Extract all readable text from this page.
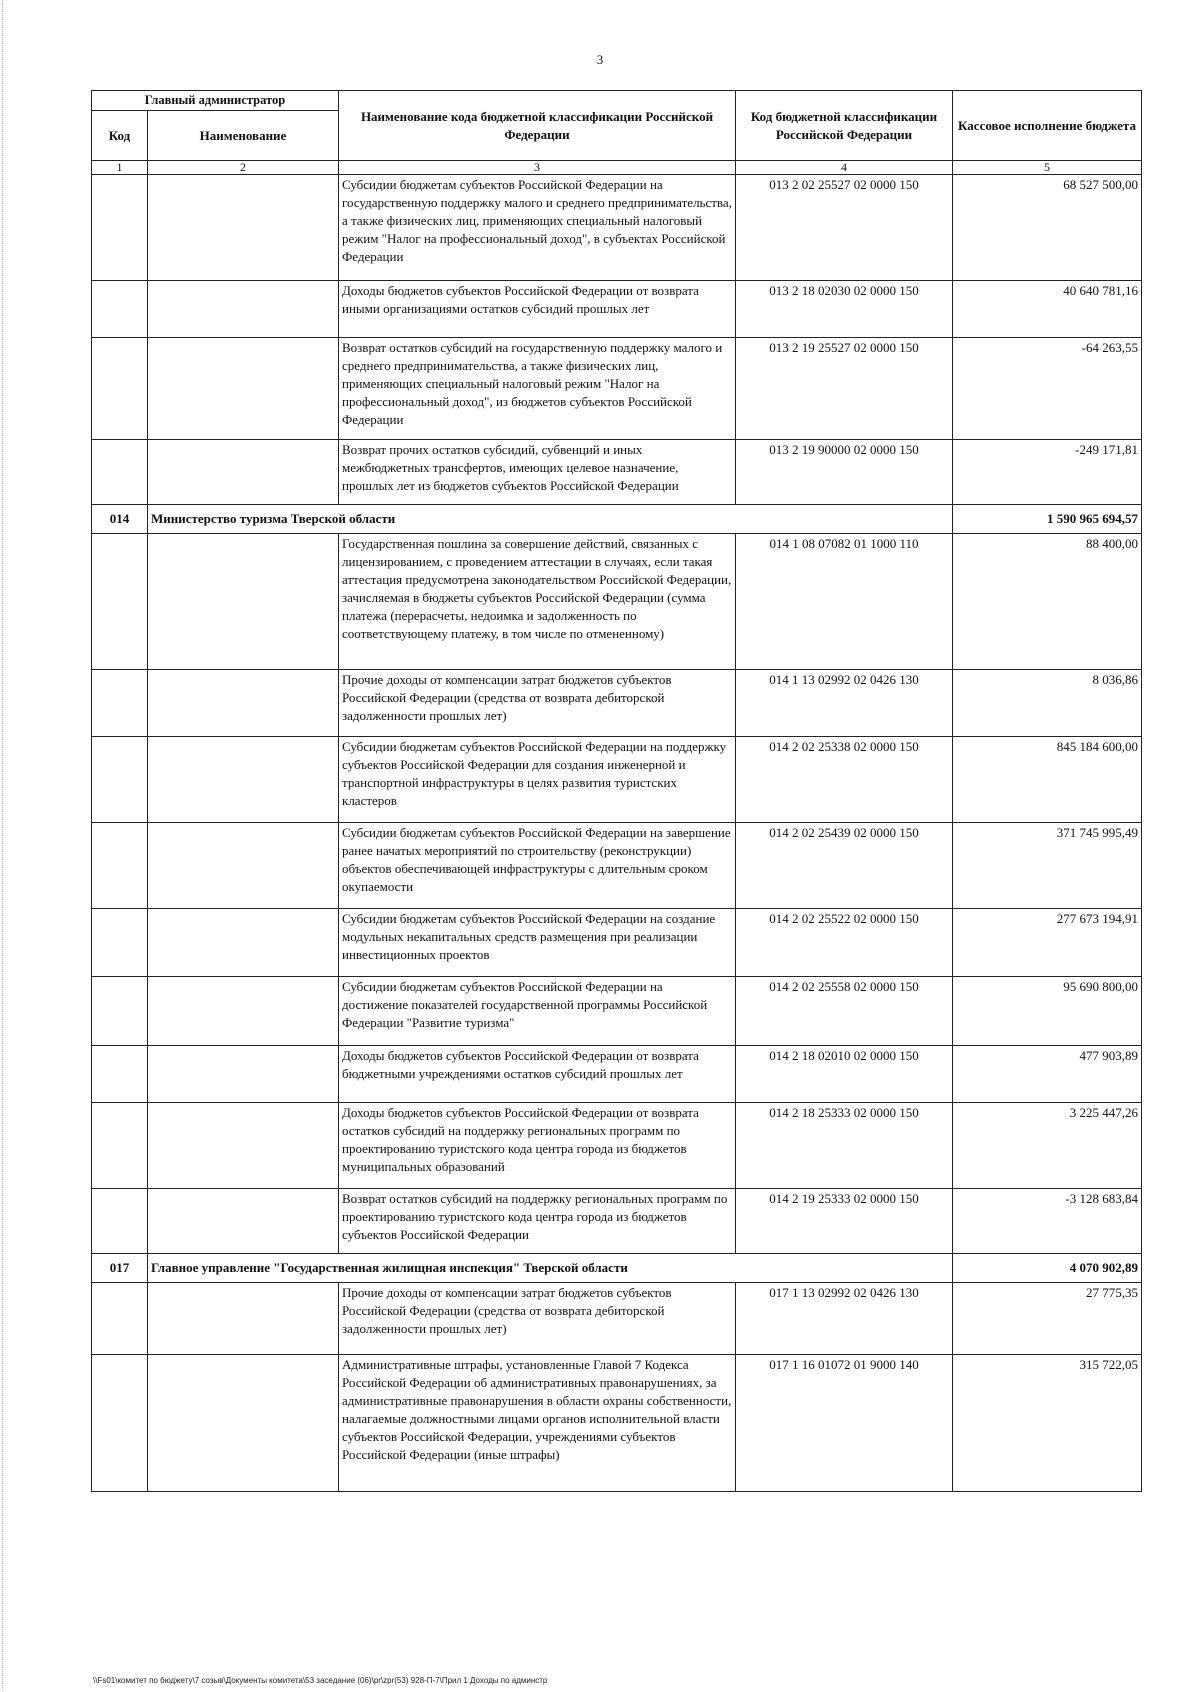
3
Главный администратор		Наименование кода бюджетной классификации Российской Федерации	Код бюджетной классификации Российской Федерации	Кассовое исполнение бюджета
Код	Наименование			
1	2	3	4	5
		Субсидии бюджетам субъектов Российской Федерации на государственную поддержку малого и среднего предпринимательства, а также физических лиц, применяющих специальный налоговый режим "Налог на профессиональный доход", в субъектах Российской Федерации	013 2 02 25527 02 0000 150	68 527 500,00
		Доходы бюджетов субъектов Российской Федерации от возврата иными организациями остатков субсидий прошлых лет	013 2 18 02030 02 0000 150	40 640 781,16
		Возврат остатков субсидий на государственную поддержку малого и среднего предпринимательства, а также физических лиц, применяющих специальный налоговый режим "Налог на профессиональный доход", из бюджетов субъектов Российской Федерации	013 2 19 25527 02 0000 150	-64 263,55
		Возврат прочих остатков субсидий, субвенций и иных межбюджетных трансфертов, имеющих целевое назначение, прошлых лет из бюджетов субъектов Российской Федерации	013 2 19 90000 02 0000 150	-249 171,81
014	Министерство туризма Тверской области			1 590 965 694,57
		Государственная пошлина за совершение действий, связанных с лицензированием, с проведением аттестации в случаях, если такая аттестация предусмотрена законодательством Российской Федерации, зачисляемая в бюджеты субъектов Российской Федерации (сумма платежа (перерасчеты, недоимка и задолженность по соответствующему платежу, в том числе по отмененному)	014 1 08 07082 01 1000 110	88 400,00
		Прочие доходы от компенсации затрат бюджетов субъектов Российской Федерации (средства от возврата дебиторской задолженности прошлых лет)	014 1 13 02992 02 0426 130	8 036,86
		Субсидии бюджетам субъектов Российской Федерации на поддержку субъектов Российской Федерации для создания инженерной и транспортной инфраструктуры в целях развития туристских кластеров	014 2 02 25338 02 0000 150	845 184 600,00
		Субсидии бюджетам субъектов Российской Федерации на завершение ранее начатых мероприятий по строительству (реконструкции) объектов обеспечивающей инфраструктуры с длительным сроком окупаемости	014 2 02 25439 02 0000 150	371 745 995,49
		Субсидии бюджетам субъектов Российской Федерации на создание модульных некапитальных средств размещения при реализации инвестиционных проектов	014 2 02 25522 02 0000 150	277 673 194,91
		Субсидии бюджетам субъектов Российской Федерации на достижение показателей государственной программы Российской Федерации "Развитие туризма"	014 2 02 25558 02 0000 150	95 690 800,00
		Доходы бюджетов субъектов Российской Федерации от возврата бюджетными учреждениями остатков субсидий прошлых лет	014 2 18 02010 02 0000 150	477 903,89
		Доходы бюджетов субъектов Российской Федерации от возврата остатков субсидий на поддержку региональных программ по проектированию туристского кода центра города из бюджетов муниципальных образований	014 2 18 25333 02 0000 150	3 225 447,26
		Возврат остатков субсидий на поддержку региональных программ по проектированию туристского кода центра города из бюджетов субъектов Российской Федерации	014 2 19 25333 02 0000 150	-3 128 683,84
017	Главное управление "Государственная жилищная инспекция" Тверской области			4 070 902,89
		Прочие доходы от компенсации затрат бюджетов субъектов Российской Федерации (средства от возврата дебиторской задолженности прошлых лет)	017 1 13 02992 02 0426 130	27 775,35
		Административные штрафы, установленные Главой 7 Кодекса Российской Федерации об административных правонарушениях, за административные правонарушения в области охраны собственности, налагаемые должностными лицами органов исполнительной власти субъектов Российской Федерации, учреждениями субъектов Российской Федерации (иные штрафы)	017 1 16 01072 01 9000 140	315 722,05
\\Fs01\комитет по бюджету\7 созыв\Документы комитета\53 заседание (06)\pr\zpr(53) 928-П-7\Прил 1 Доходы по админстр
